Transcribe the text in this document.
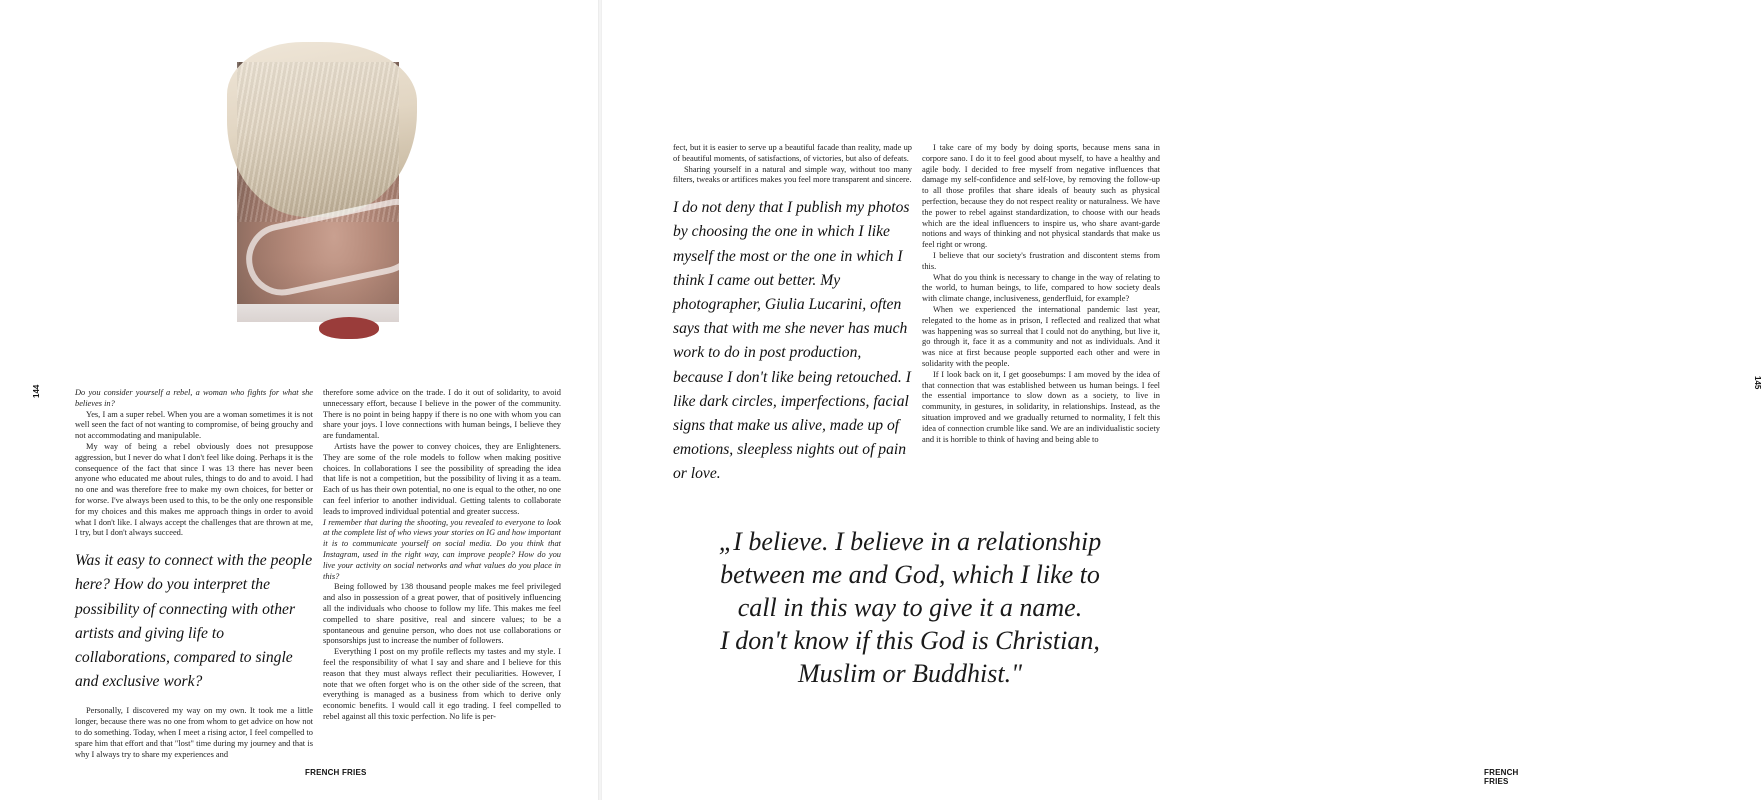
144	Do you consider yourself a rebel, a woman who fights for what she believes in?

Yes, I am a super rebel. When you are a woman sometimes it is not well seen the fact of not wanting to compromise, of being grouchy and not accommodating and manipulable.

My way of being a rebel obviously does not presuppose aggression, but I never do what I don't feel like doing. Perhaps it is the consequence of the fact that since I was 13 there has never been anyone who educated me about rules, things to do and to avoid. I had no one and was therefore free to make my own choices, for better or for worse. I've always been used to this, to be the only one responsible for my choices and this makes me approach things in order to avoid what I don't like. I always accept the challenges that are thrown at me, I try, but I don't always succeed.

Was it easy to connect with the people here? How do you interpret the possibility of connecting with other artists and giving life to collaborations, compared to single and exclusive work?

Personally, I discovered my way on my own. It took me a little longer, because there was no one from whom to get advice on how not to do something. Today, when I meet a rising actor, I feel compelled to spare him that effort and that "lost" time during my journey and that is why I always try to share my experiences and

therefore some advice on the trade. I do it out of solidarity, to avoid unnecessary effort, because I believe in the power of the community. There is no point in being happy if there is no one with whom you can share your joys. I love connections with human beings, I believe they are fundamental.

Artists have the power to convey choices, they are Enlighteners. They are some of the role models to follow when making positive choices. In collaborations I see the possibility of spreading the idea that life is not a competition, but the possibility of living it as a team. Each of us has their own potential, no one is equal to the other, no one can feel inferior to another individual. Getting talents to collaborate leads to improved individual potential and greater success.

I remember that during the shooting, you revealed to everyone to look at the complete list of who views your stories on IG and how important it is to communicate yourself on social media. Do you think that Instagram, used in the right way, can improve people? How do you live your activity on social networks and what values do you place in this?

Being followed by 138 thousand people makes me feel privileged and also in possession of a great power, that of positively influencing all the individuals who choose to follow my life. This makes me feel compelled to share positive, real and sincere values; to be a spontaneous and genuine person, who does not use collaborations or sponsorships just to increase the number of followers.

Everything I post on my profile reflects my tastes and my style. I feel the responsibility of what I say and share and I believe for this reason that they must always reflect their peculiarities. However, I note that we often forget who is on the other side of the screen, that everything is managed as a business from which to derive only economic benefits. I would call it ego trading. I feel compelled to rebel against all this toxic perfection. No life is per-

FRENCH FRIES
145
FRENCH FRIES

fect, but it is easier to serve up a beautiful facade than reality, made up of beautiful moments, of satisfactions, of victories, but also of defeats.

Sharing yourself in a natural and simple way, without too many filters, tweaks or artifices makes you feel more transparent and sincere.

I do not deny that I publish my photos by choosing the one in which I like myself the most or the one in which I think I came out better. My photographer, Giulia Lucarini, often says that with me she never has much work to do in post production, because I don't like being retouched. I like dark circles, imperfections, facial signs that make us alive, made up of emotions, sleepless nights out of pain or love.

I take care of my body by doing sports, because mens sana in corpore sano. I do it to feel good about myself, to have a healthy and agile body. I decided to free myself from negative influences that damage my self-confidence and self-love, by removing the follow-up to all those profiles that share ideals of beauty such as physical perfection, because they do not respect reality or naturalness. We have the power to rebel against standardization, to choose with our heads which are the ideal influencers to inspire us, who share avant-garde notions and ways of thinking and not physical standards that make us feel right or wrong.

I believe that our society's frustration and discontent stems from this.

What do you think is necessary to change in the way of relating to the world, to human beings, to life, compared to how society deals with climate change, inclusiveness, genderfluid, for example?

When we experienced the international pandemic last year, relegated to the home as in prison, I reflected and realized that what was happening was so surreal that I could not do anything, but live it, go through it, face it as a community and not as individuals. And it was nice at first because people supported each other and were in solidarity with the people.

If I look back on it, I get goosebumps: I am moved by the idea of that connection that was established between us human beings. I feel the essential importance to slow down as a society, to live in community, in gestures, in solidarity, in relationships. Instead, as the situation improved and we gradually returned to normality, I felt this idea of connection crumble like sand. We are an individualistic society and it is horrible to think of having and being able to

„I believe. I believe in a relationship
between me and God, which I like to
call in this way to give it a name.
I don't know if this God is Christian,
Muslim or Buddhist."
